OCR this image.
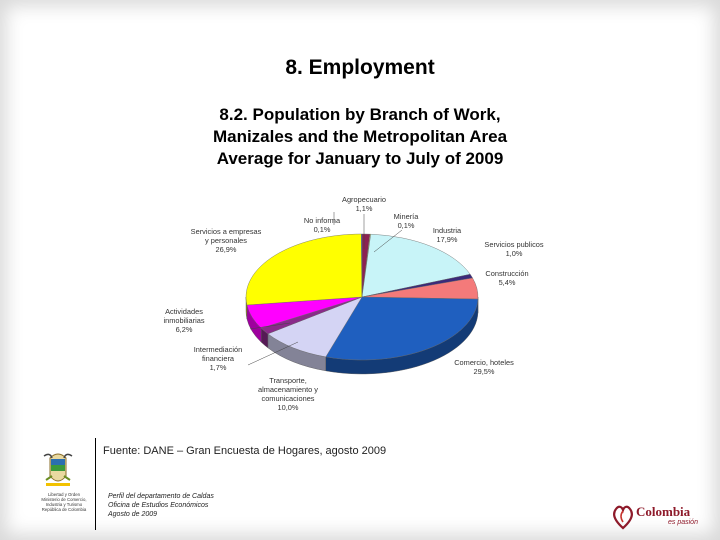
8. Employment
8.2. Population by Branch of Work,
Manizales and the Metropolitan Area
Average for January to July of 2009
Agropecuario 1,1%
Minería 0,1%
Industria 17,9%
Servicios publicos 1,0%
Construcción 5,4%
Comercio, hoteles 29,5%
Transporte, almacenamiento y comunicaciones 10,0%
Intermediación financiera 1,7%
Actividades inmobiliarias 6,2%
Servicios a empresas y personales 26,9%
No informa 0,1%
Fuente: DANE – Gran Encuesta de Hogares, agosto 2009
Perfil del departamento de Caldas
Oficina de Estudios Económicos
Agosto de 2009
Libertad y Orden
Ministerio de Comercio,
Industria y Turismo
República de Colombia	Colombia
es pasión
